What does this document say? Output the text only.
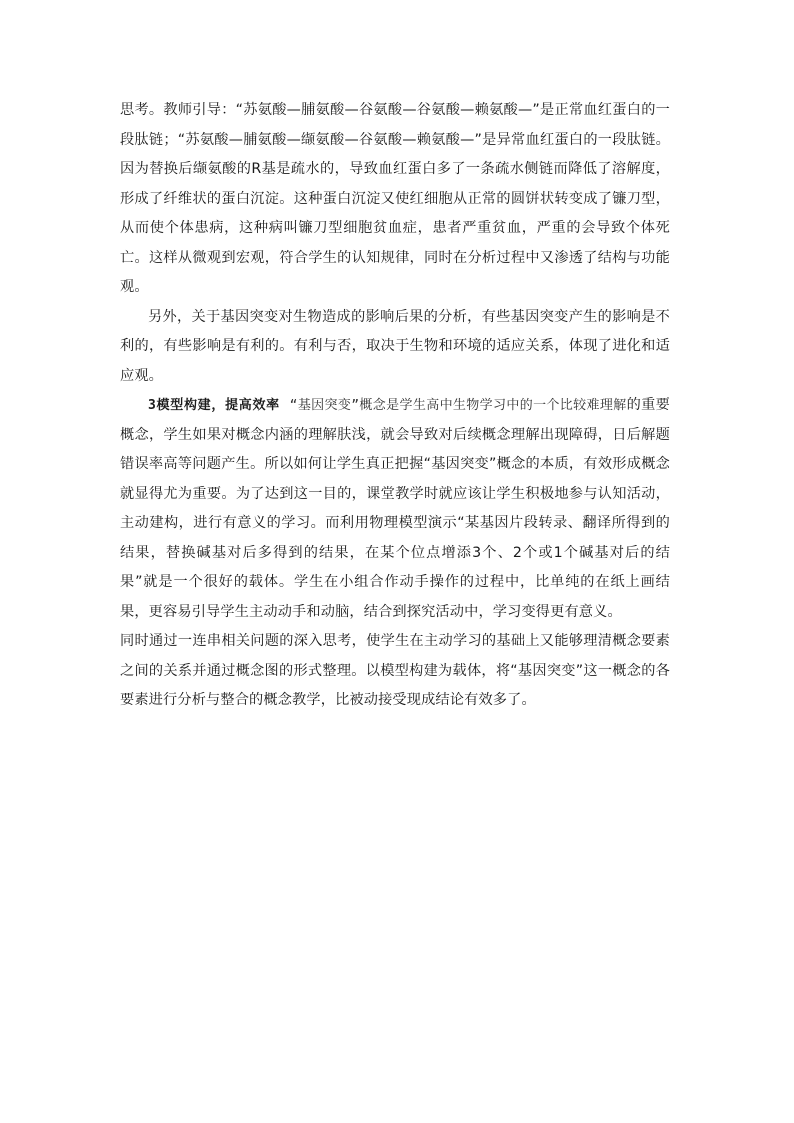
思考。教师引导：“苏氨酸—脯氨酸—谷氨酸—谷氨酸—赖氨酸—”是正常血红蛋白的一段肽链；“苏氨酸—脯氨酸—缬氨酸—谷氨酸—赖氨酸—”是异常血红蛋白的一段肽链。因为替换后缬氨酸的R基是疏水的，导致血红蛋白多了一条疏水侧链而降低了溶解度，形成了纤维状的蛋白沉淀。这种蛋白沉淀又使红细胞从正常的圆饼状转变成了镰刀型，从而使个体患病，这种病叫镰刀型细胞贫血症，患者严重贫血，严重的会导致个体死亡。这样从微观到宏观，符合学生的认知规律，同时在分析过程中又渗透了结构与功能观。

另外，关于基因突变对生物造成的影响后果的分析，有些基因突变产生的影响是不利的，有些影响是有利的。有利与否，取决于生物和环境的适应关系，体现了进化和适应观。

3模型构建，提高效率 “基因突变”概念是学生高中生物学习中的一个比较难理解的重要概念，学生如果对概念内涵的理解肤浅，就会导致对后续概念理解出现障碍，日后解题错误率高等问题产生。所以如何让学生真正把握“基因突变”概念的本质，有效形成概念就显得尤为重要。为了达到这一目的，课堂教学时就应该让学生积极地参与认知活动，主动建构，进行有意义的学习。而利用物理模型演示“某基因片段转录、翻译所得到的结果，替换碱基对后多得到的结果，在某个位点增添3个、2个或1个碱基对后的结果”就是一个很好的载体。学生在小组合作动手操作的过程中，比单纯的在纸上画结果，更容易引导学生主动动手和动脑，结合到探究活动中，学习变得更有意义。

同时通过一连串相关问题的深入思考，使学生在主动学习的基础上又能够理清概念要素之间的关系并通过概念图的形式整理。以模型构建为载体，将“基因突变”这一概念的各要素进行分析与整合的概念教学，比被动接受现成结论有效多了。
